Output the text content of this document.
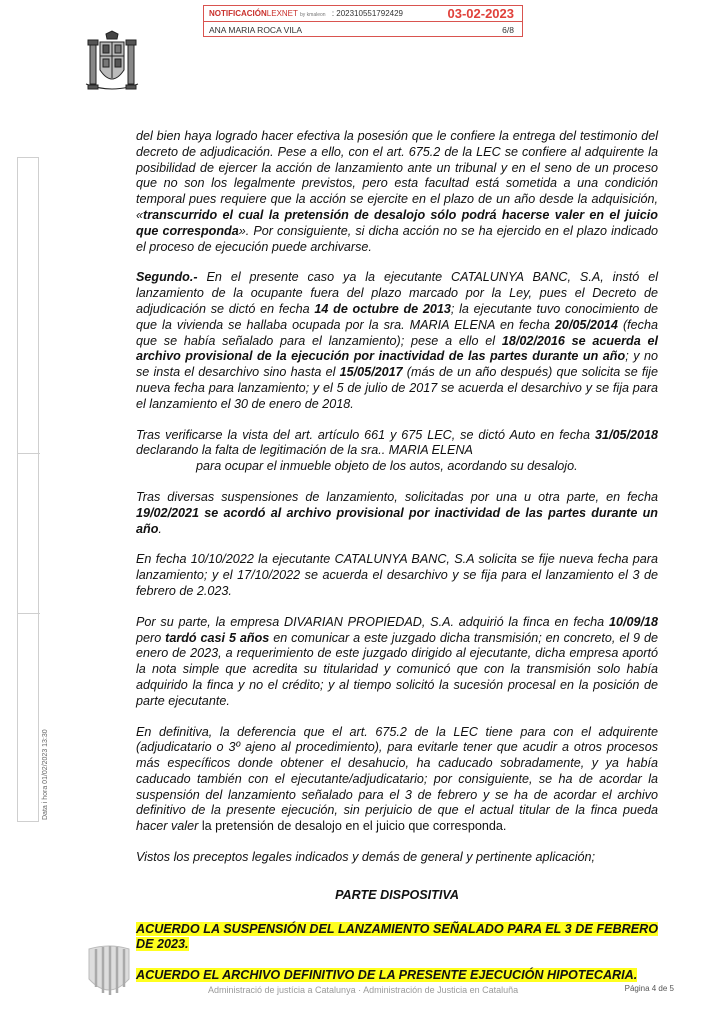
NOTIFICACIÓNLEXNET by kmaleon : 202310551792429	03-02-2023
ANA MARIA ROCA VILA	6/8
Data i hora 01/02/2023 13:30

del bien haya logrado hacer efectiva la posesión que le confiere la entrega del testimonio del decreto de adjudicación. Pese a ello, con el art. 675.2 de la LEC se confiere al adquirente la posibilidad de ejercer la acción de lanzamiento ante un tribunal y en el seno de un proceso que no son los legalmente previstos, pero esta facultad está sometida a una condición temporal pues requiere que la acción se ejercite en el plazo de un año desde la adquisición, «transcurrido el cual la pretensión de desalojo sólo podrá hacerse valer en el juicio que corresponda». Por consiguiente, si dicha acción no se ha ejercido en el plazo indicado el proceso de ejecución puede archivarse.

Segundo.- En el presente caso ya la ejecutante CATALUNYA BANC, S.A, instó el lanzamiento de la ocupante fuera del plazo marcado por la Ley, pues el Decreto de adjudicación se dictó en fecha 14 de octubre de 2013; la ejecutante tuvo conocimiento de que la vivienda se hallaba ocupada por la sra. MARIA ELENA en fecha 20/05/2014 (fecha que se había señalado para el lanzamiento); pese a ello el 18/02/2016 se acuerda el archivo provisional de la ejecución por inactividad de las partes durante un año; y no se insta el desarchivo sino hasta el 15/05/2017 (más de un año después) que solicita se fije nueva fecha para lanzamiento; y el 5 de julio de 2017 se acuerda el desarchivo y se fija para el lanzamiento el 30 de enero de 2018.

Tras verificarse la vista del art. artículo 661 y 675 LEC, se dictó Auto en fecha 31/05/2018 declarando la falta de legitimación de la sra.. MARIA ELENA
para ocupar el inmueble objeto de los autos, acordando su desalojo.

Tras diversas suspensiones de lanzamiento, solicitadas por una u otra parte, en fecha 19/02/2021 se acordó al archivo provisional por inactividad de las partes durante un año.

En fecha 10/10/2022 la ejecutante CATALUNYA BANC, S.A solicita se fije nueva fecha para lanzamiento; y el 17/10/2022 se acuerda el desarchivo y se fija para el lanzamiento el 3 de febrero de 2.023.

Por su parte, la empresa DIVARIAN PROPIEDAD, S.A. adquirió la finca en fecha 10/09/18 pero tardó casi 5 años en comunicar a este juzgado dicha transmisión; en concreto, el 9 de enero de 2023, a requerimiento de este juzgado dirigido al ejecutante, dicha empresa aportó la nota simple que acredita su titularidad y comunicó que con la transmisión solo había adquirido la finca y no el crédito; y al tiempo solicitó la sucesión procesal en la posición de parte ejecutante.

En definitiva, la deferencia que el art. 675.2 de la LEC tiene para con el adquirente (adjudicatario o 3º ajeno al procedimiento), para evitarle tener que acudir a otros procesos más específicos donde obtener el desahucio, ha caducado sobradamente, y ya había caducado también con el ejecutante/adjudicatario; por consiguiente, se ha de acordar la suspensión del lanzamiento señalado para el 3 de febrero y se ha de acordar el archivo definitivo de la presente ejecución, sin perjuicio de que el actual titular de la finca pueda hacer valer la pretensión de desalojo en el juicio que corresponda.

Vistos los preceptos legales indicados y demás de general y pertinente aplicación;

PARTE DISPOSITIVA

ACUERDO LA SUSPENSIÓN DEL LANZAMIENTO SEÑALADO PARA EL 3 DE FEBRERO DE 2023.

ACUERDO EL ARCHIVO DEFINITIVO DE LA PRESENTE EJECUCIÓN HIPOTECARIA.

Administració de justícia a Catalunya · Administración de Justicia en Cataluña	Página 4 de 5
